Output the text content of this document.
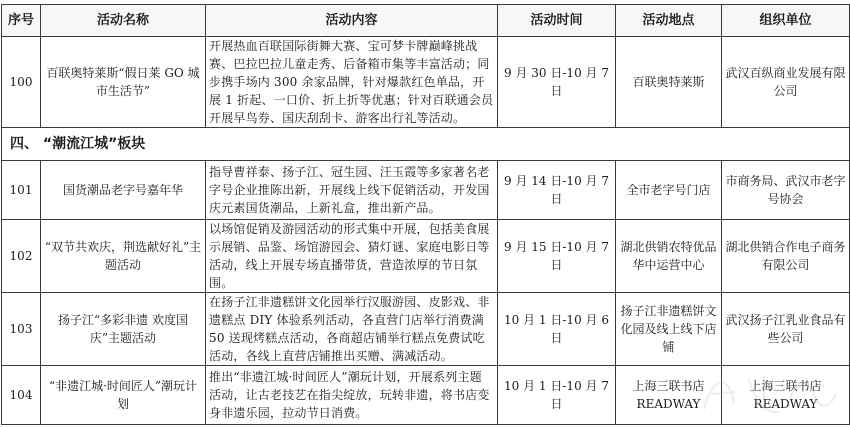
序号	活动名称	活动内容	活动时间	活动地点	组织单位
100	百联奥特莱斯“假日莱 GO 城市生活节”	开展热血百联国际街舞大赛、宝可梦卡牌巅峰挑战赛、巴拉巴拉儿童走秀、后备箱市集等丰富活动；同步携手场内 300 余家品牌，针对爆款红色单品，开展 1 折起、一口价、折上折等优惠；针对百联通会员开展早鸟券、国庆刮刮卡、游客出行礼等活动。	9 月 30 日-10 月 7 日	百联奥特莱斯	武汉百纵商业发展有限公司
四、 “潮流江城”板块					
101	国货潮品老字号嘉年华	指导曹祥泰、扬子江、冠生园、汪玉霞等多家著名老字号企业推陈出新，开展线上线下促销活动，开发国庆元素国货潮品，上新礼盒，推出新产品。	9 月 14 日-10 月 7 日	全市老字号门店	市商务局、武汉市老字号协会
102	“双节共欢庆，荆选献好礼”主题活动	以场馆促销及游园活动的形式集中开展，包括美食展示展销、品鉴、场馆游园会、猜灯谜、家庭电影日等活动，线上开展专场直播带货，营造浓厚的节日氛围。	9 月 15 日-10 月 7 日	湖北供销农特优品华中运营中心	湖北供销合作电子商务有限公司
103	扬子江“多彩非遗 欢度国庆”主题活动	在扬子江非遗糕饼文化园举行汉服游园、皮影戏、非遗糕点 DIY 体验系列活动，各直营门店举行消费满 50 送现烤糕点活动，各商超店铺举行糕点免费试吃活动，各线上直营店铺推出买赠、满减活动。	10 月 1 日-10 月 6 日	扬子江非遗糕饼文化园及线上线下店铺	武汉扬子江乳业食品有些公司
104	“非遗江城·时间匠人”潮玩计划	推出“非遗江城·时间匠人”潮玩计划，开展系列主题活动，让古老技艺在指尖绽放，玩转非遗，将书店变身非遗乐园，拉动节日消费。	10 月 1 日-10 月 7 日	上海三联书店 READWAY	上海三联书店 READWAY
